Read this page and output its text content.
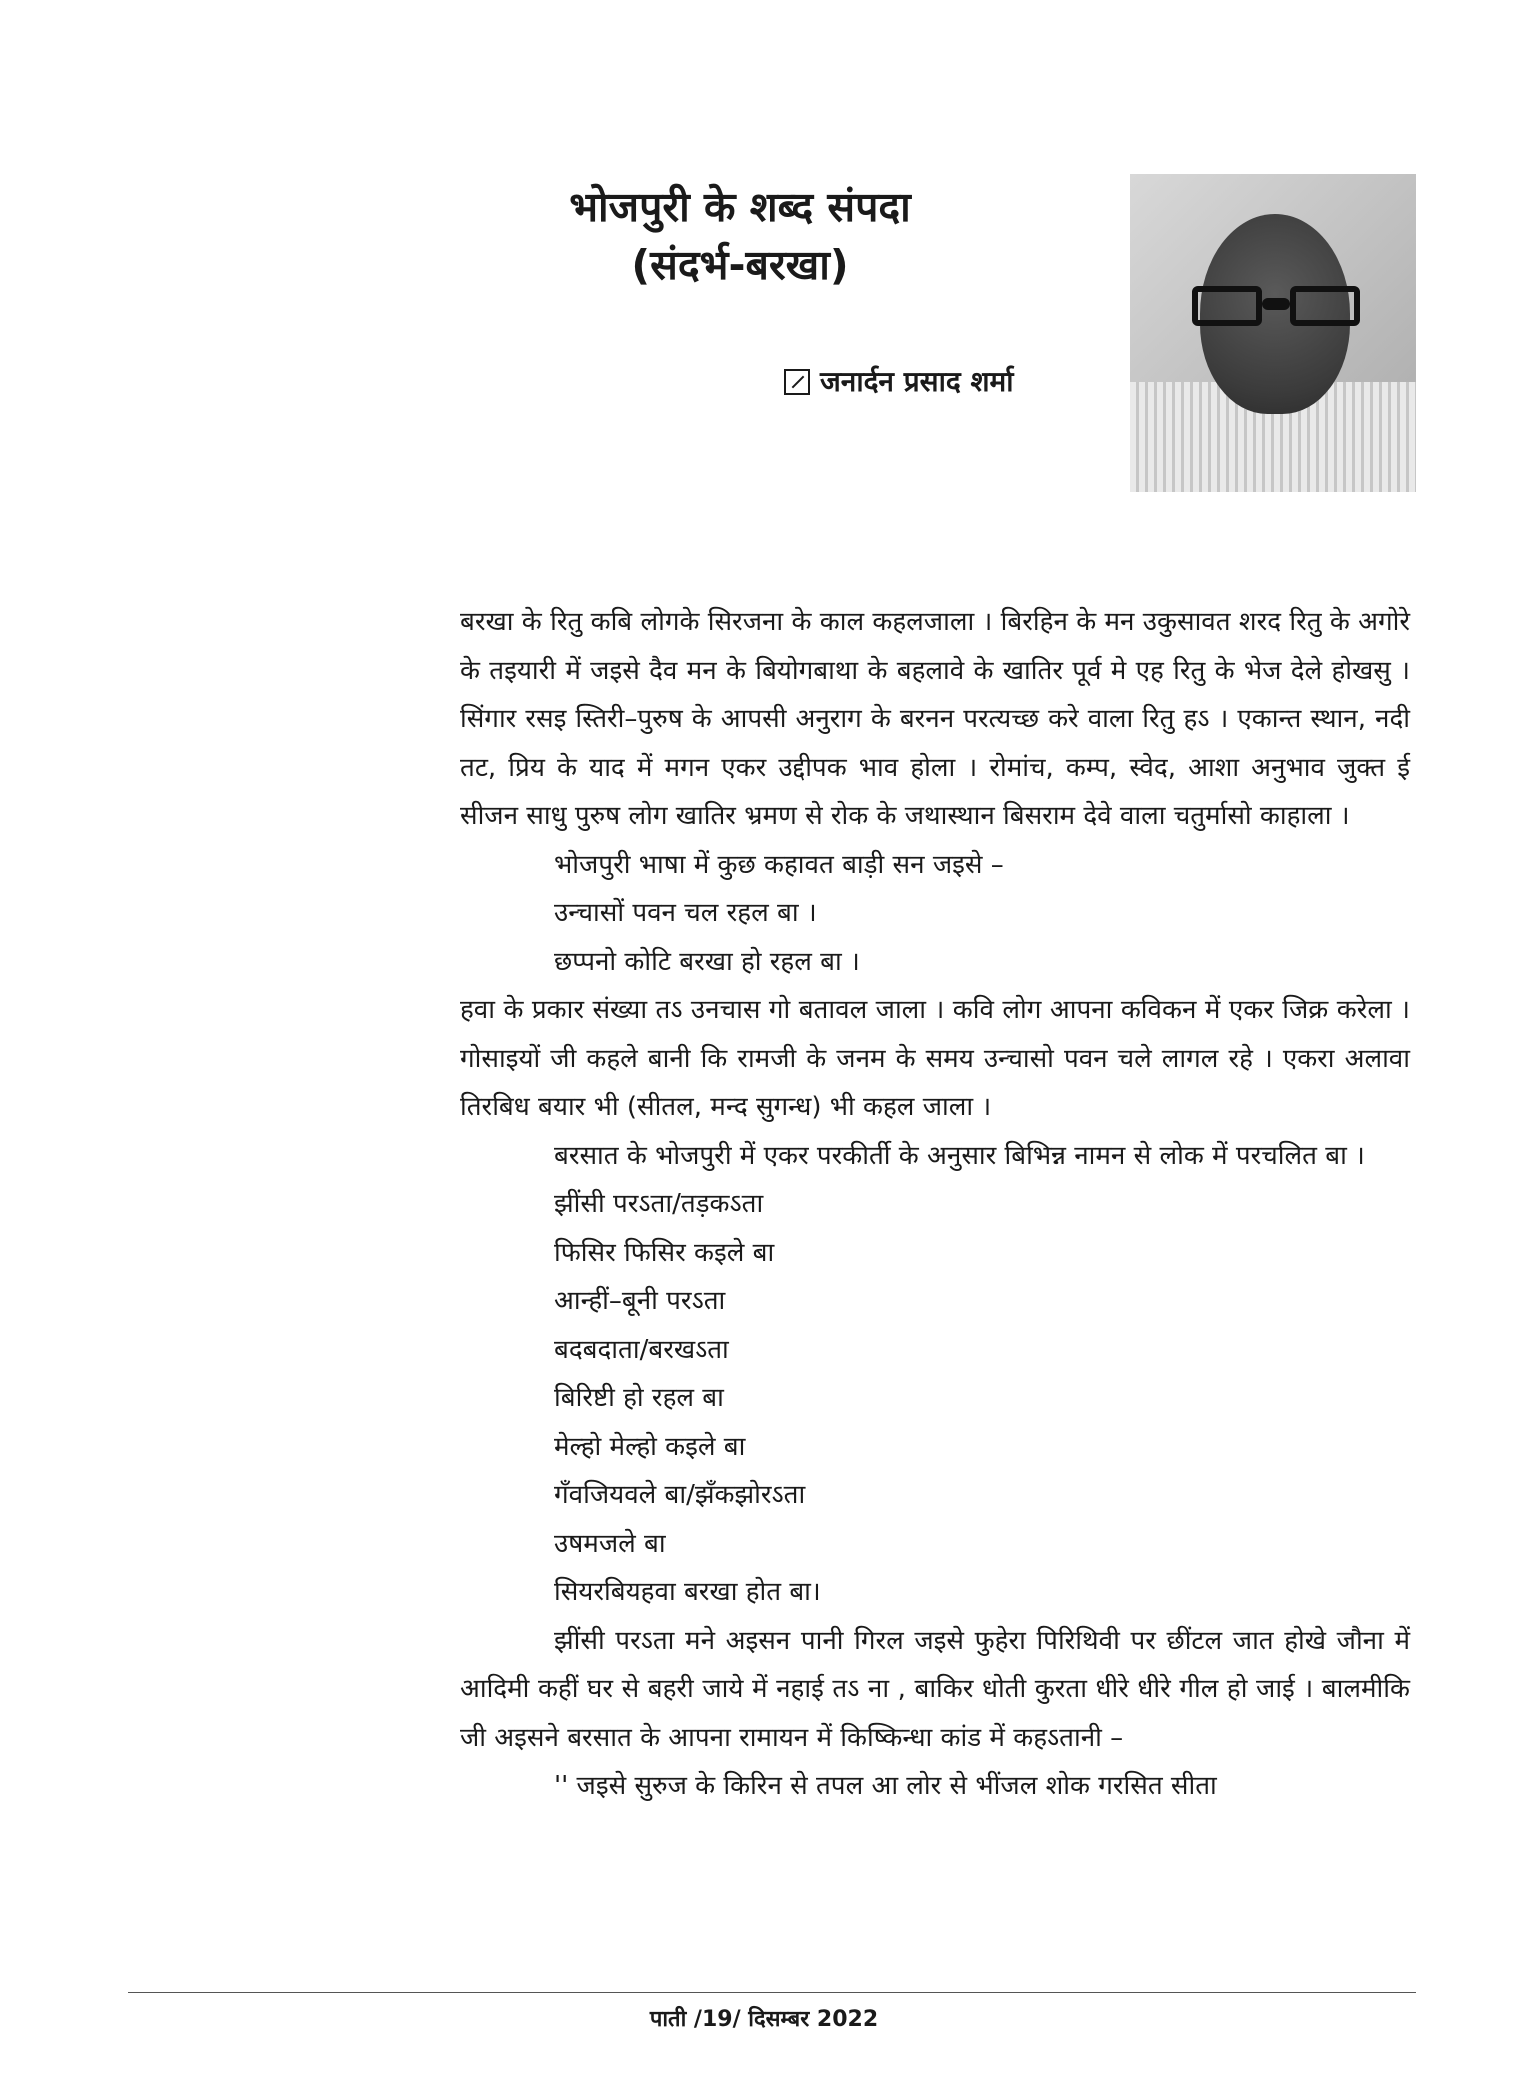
भोजपुरी के शब्द संपदा
(संदर्भ-बरखा)
जनार्दन प्रसाद शर्मा

बरखा के रितु कबि लोगके सिरजना के काल कहलजाला । बिरहिन के मन उकुसावत शरद रितु के अगोरे के तइयारी में जइसे दैव मन के बियोगबाथा के बहलावे के खातिर पूर्व मे एह रितु के भेज देले होखसु । सिंगार रसइ स्तिरी–पुरुष के आपसी अनुराग के बरनन परत्यच्छ करे वाला रितु हऽ । एकान्त स्थान, नदी तट, प्रिय के याद में मगन एकर उद्दीपक भाव होला । रोमांच, कम्प, स्वेद, आशा अनुभाव जुक्त ई सीजन साधु पुरुष लोग खातिर भ्रमण से रोक के जथास्थान बिसराम देवे वाला चतुर्मासो काहाला ।

भोजपुरी भाषा में कुछ कहावत बाड़ी सन जइसे –

उन्चासों पवन चल रहल बा ।

छप्पनो कोटि बरखा हो रहल बा ।

हवा के प्रकार संख्या तऽ उनचास गो बतावल जाला । कवि लोग आपना कविकन में एकर जिक्र करेला । गोसाइयों जी कहले बानी कि रामजी के जनम के समय उन्चासो पवन चले लागल रहे । एकरा अलावा तिरबिध बयार भी (सीतल, मन्द सुगन्ध) भी कहल जाला ।

बरसात के भोजपुरी में एकर परकीर्ती के अनुसार बिभिन्न नामन से लोक में परचलित बा ।

झींसी परऽता/तड़कऽता

फिसिर फिसिर कइले बा

आन्हीं–बूनी परऽता

बदबदाता/बरखऽता

बिरिष्टी हो रहल बा

मेल्हो मेल्हो कइले बा

गँवजियवले बा/झँकझोरऽता

उषमजले बा

सियरबियहवा बरखा होत बा।

झींसी परऽता मने अइसन पानी गिरल जइसे फुहेरा पिरिथिवी पर छींटल जात होखे जौना में आदिमी कहीं घर से बहरी जाये में नहाई तऽ ना , बाकिर धोती कुरता धीरे धीरे गील हो जाई । बालमीकि जी अइसने बरसात के आपना रामायन में किष्किन्धा कांड में कहऽतानी –

'' जइसे सुरुज के किरिन से तपल आ लोर से भींजल शोक गरसित सीता

पाती /19/ दिसम्बर 2022
